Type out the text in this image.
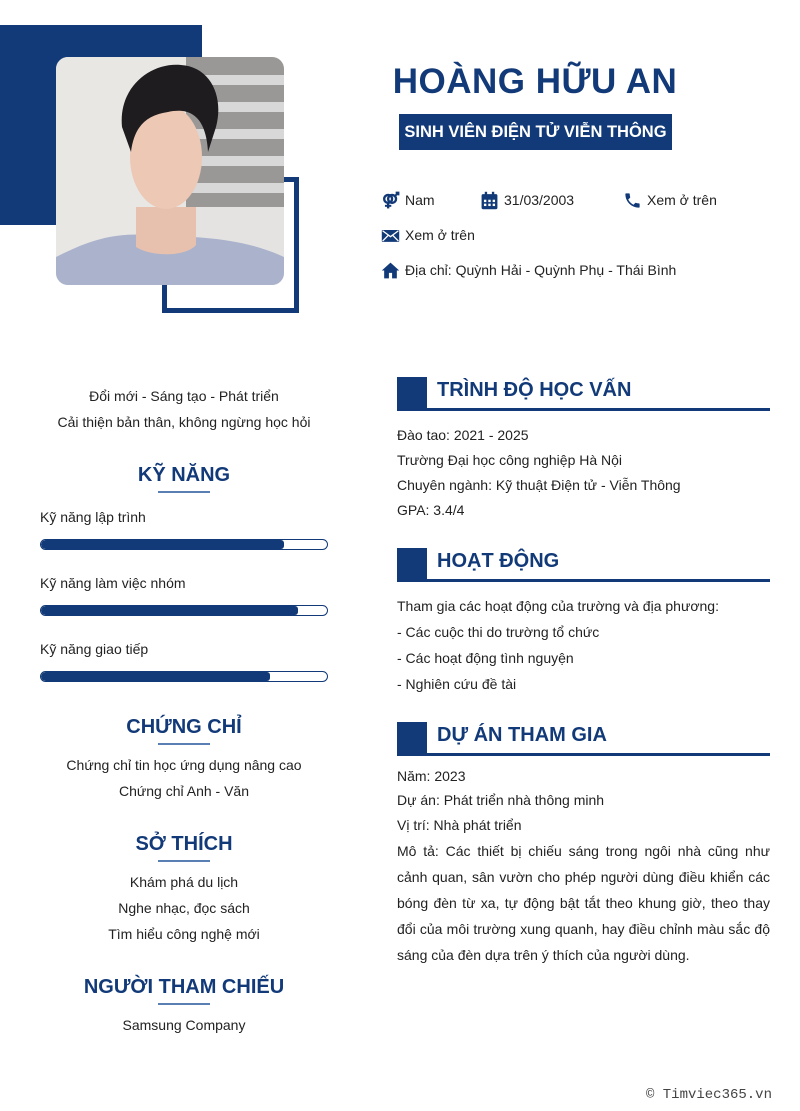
HOÀNG HỮU AN
SINH VIÊN ĐIỆN TỬ VIỄN THÔNG
Nam	31/03/2003	Xem ở trên
Xem ở trên
Địa chỉ: Quỳnh Hải - Quỳnh Phụ - Thái Bình
Đổi mới - Sáng tạo - Phát triển
Cải thiện bản thân, không ngừng học hỏi
KỸ NĂNG
Kỹ năng lập trình
Kỹ năng làm việc nhóm
Kỹ năng giao tiếp
CHỨNG CHỈ
Chứng chỉ tin học ứng dụng nâng cao
Chứng chỉ Anh - Văn
SỞ THÍCH
Khám phá du lịch
Nghe nhạc, đọc sách
Tìm hiểu công nghệ mới
NGƯỜI THAM CHIẾU
Samsung Company
TRÌNH ĐỘ HỌC VẤN
Đào tao: 2021 - 2025
Trường Đại học công nghiệp Hà Nội
Chuyên ngành: Kỹ thuật Điện tử - Viễn Thông
GPA: 3.4/4
HOẠT ĐỘNG
Tham gia các hoạt động của trường và địa phương:
- Các cuộc thi do trường tổ chức
- Các hoạt động tình nguyện
- Nghiên cứu đề tài
DỰ ÁN THAM GIA
Năm: 2023
Dự án: Phát triển nhà thông minh
Vị trí: Nhà phát triển
Mô tả: Các thiết bị chiếu sáng trong ngôi nhà cũng như cảnh quan, sân vườn cho phép người dùng điều khiển các bóng đèn từ xa, tự động bật tắt theo khung giờ, theo thay đổi của môi trường xung quanh, hay điều chỉnh màu sắc độ sáng của đèn dựa trên ý thích của người dùng.
© Timviec365.vn
